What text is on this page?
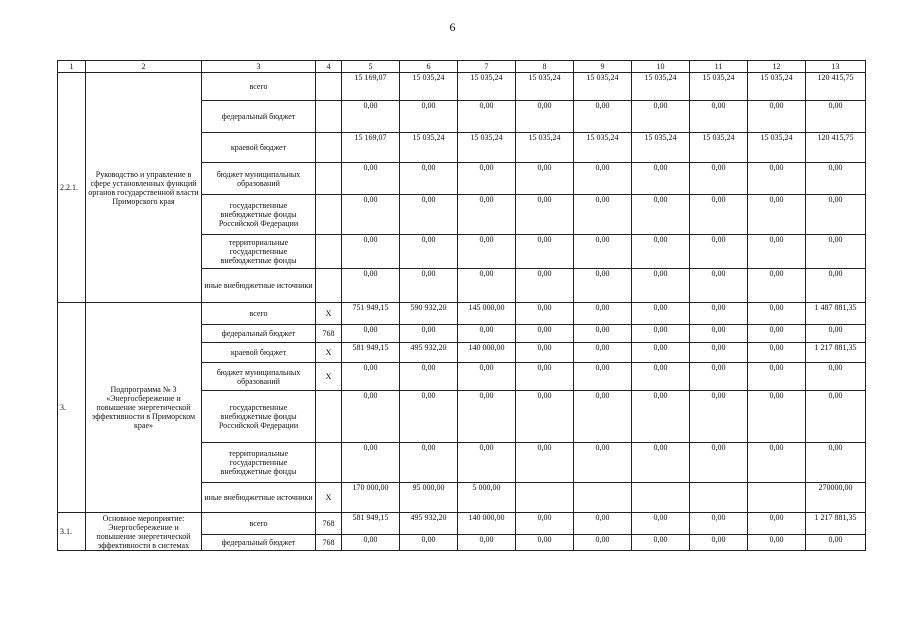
6
1	2	3	4	5	6	7	8	9	10	11	12	13
2.2.1.	Руководство и управление в сфере установленных функций органов государственной власти Приморского края	всего		15 169,07	15 035,24	15 035,24	15 035,24	15 035,24	15 035,24	15 035,24	15 035,24	120 415,75
		федеральный бюджет		0,00	0,00	0,00	0,00	0,00	0,00	0,00	0,00	0,00
		краевой бюджет		15 169,07	15 035,24	15 035,24	15 035,24	15 035,24	15 035,24	15 035,24	15 035,24	120 415,75
		бюджет муниципальных образований		0,00	0,00	0,00	0,00	0,00	0,00	0,00	0,00	0,00
		государственные внебюджетные фонды Российской Федерации		0,00	0,00	0,00	0,00	0,00	0,00	0,00	0,00	0,00
		территориальные государственные внебюджетные фонды		0,00	0,00	0,00	0,00	0,00	0,00	0,00	0,00	0,00
		иные внебюджетные источники		0,00	0,00	0,00	0,00	0,00	0,00	0,00	0,00	0,00
3.	Подпрограмма № 3 «Энергосбережение и повышение энергетической эффективности в Приморском крае»	всего	X	751 949,15	590 932,20	145 000,00	0,00	0,00	0,00	0,00	0,00	1 487 881,35
		федеральный бюджет	768	0,00	0,00	0,00	0,00	0,00	0,00	0,00	0,00	0,00
		краевой бюджет	X	581 949,15	495 932,20	140 000,00	0,00	0,00	0,00	0,00	0,00	1 217 881,35
		бюджет муниципальных образований	X	0,00	0,00	0,00	0,00	0,00	0,00	0,00	0,00	0,00
		государственные внебюджетные фонды Российской Федерации		0,00	0,00	0,00	0,00	0,00	0,00	0,00	0,00	0,00
		территориальные государственные внебюджетные фонды		0,00	0,00	0,00	0,00	0,00	0,00	0,00	0,00	0,00
		иные внебюджетные источники	X	170 000,00	95 000,00	5 000,00						270000,00
3.1.	Основное мероприятие: Энергосбережение и повышение энергетической эффективности в системах	всего	768	581 949,15	495 932,20	140 000,00	0,00	0,00	0,00	0,00	0,00	1 217 881,35
		федеральный бюджет	768	0,00	0,00	0,00	0,00	0,00	0,00	0,00	0,00	0,00
